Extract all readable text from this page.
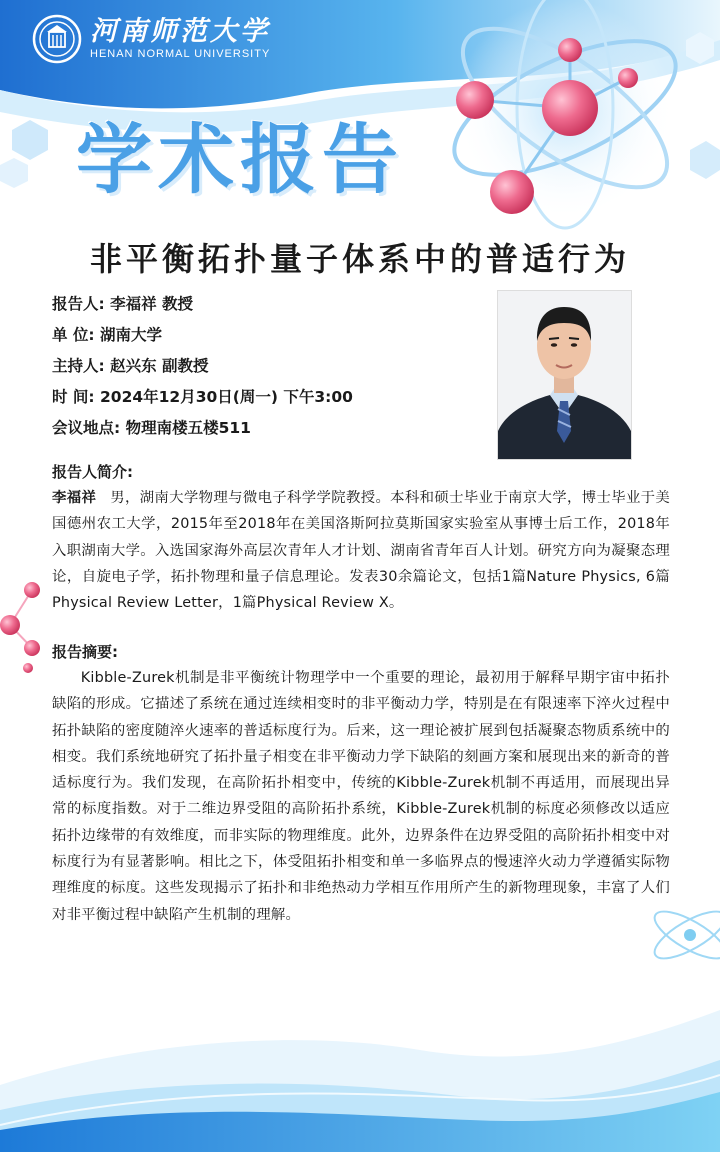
河南师范大学
HENAN NORMAL UNIVERSITY
学术报告
非平衡拓扑量子体系中的普适行为
报告人: 李福祥 教授
单 位: 湖南大学
主持人: 赵兴东 副教授
时 间: 2024年12月30日(周一) 下午3:00
会议地点: 物理南楼五楼511
报告人简介:
李福祥 男，湖南大学物理与微电子科学学院教授。本科和硕士毕业于南京大学，博士毕业于美国德州农工大学，2015年至2018年在美国洛斯阿拉莫斯国家实验室从事博士后工作，2018年入职湖南大学。入选国家海外高层次青年人才计划、湖南省青年百人计划。研究方向为凝聚态理论，自旋电子学，拓扑物理和量子信息理论。发表30余篇论文，包括1篇Nature Physics, 6篇 Physical Review Letter，1篇Physical Review X。
报告摘要:
Kibble-Zurek机制是非平衡统计物理学中一个重要的理论，最初用于解释早期宇宙中拓扑缺陷的形成。它描述了系统在通过连续相变时的非平衡动力学，特别是在有限速率下淬火过程中拓扑缺陷的密度随淬火速率的普适标度行为。后来，这一理论被扩展到包括凝聚态物质系统中的相变。我们系统地研究了拓扑量子相变在非平衡动力学下缺陷的刻画方案和展现出来的新奇的普适标度行为。我们发现，在高阶拓扑相变中，传统的Kibble-Zurek机制不再适用，而展现出异常的标度指数。对于二维边界受阻的高阶拓扑系统，Kibble-Zurek机制的标度必须修改以适应拓扑边缘带的有效维度，而非实际的物理维度。此外，边界条件在边界受阻的高阶拓扑相变中对标度行为有显著影响。相比之下，体受阻拓扑相变和单一多临界点的慢速淬火动力学遵循实际物理维度的标度。这些发现揭示了拓扑和非绝热动力学相互作用所产生的新物理现象，丰富了人们对非平衡过程中缺陷产生机制的理解。
